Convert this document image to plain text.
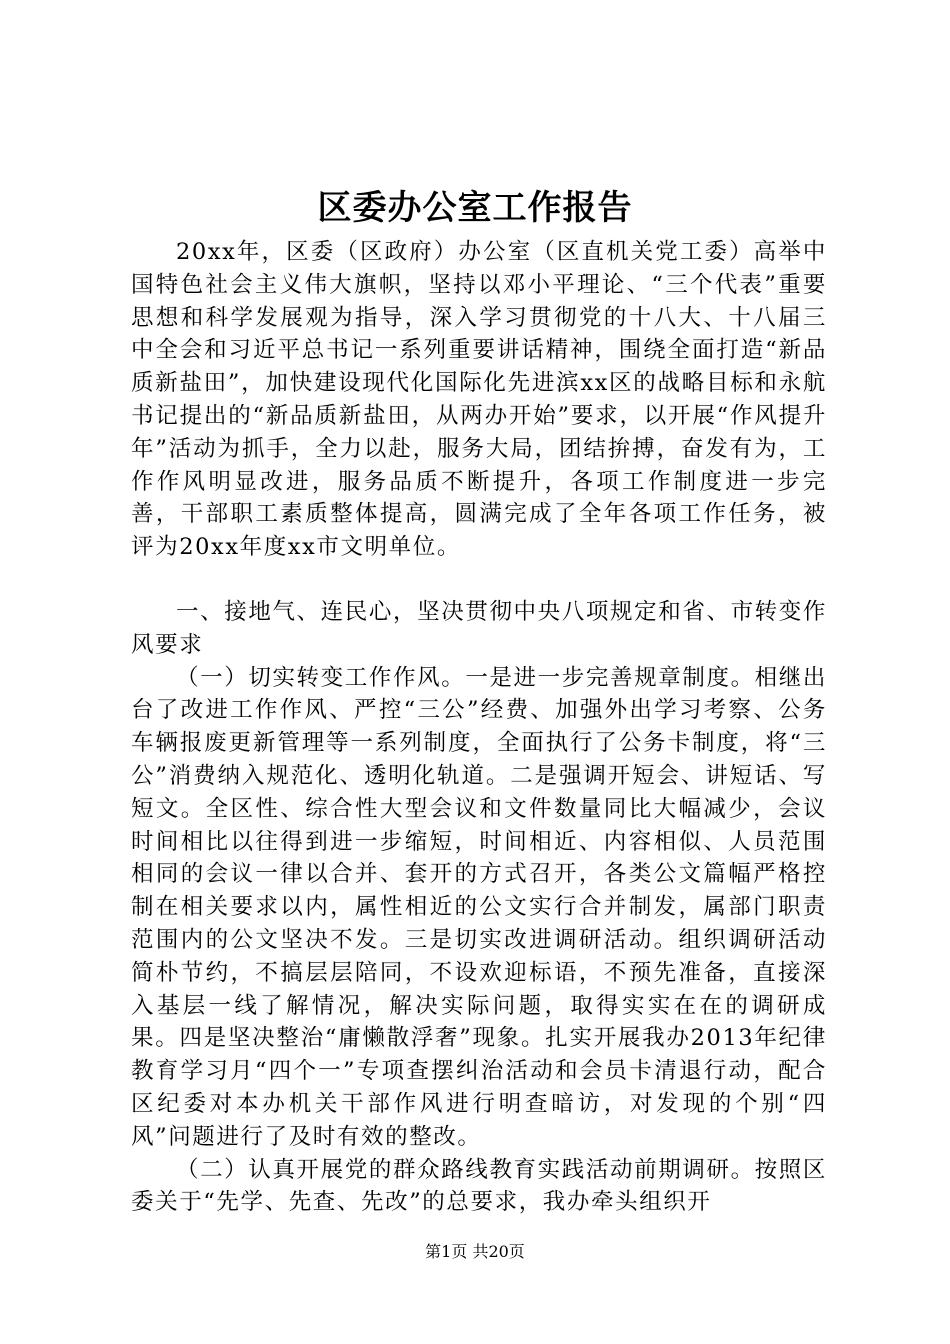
区委办公室工作报告

20xx年，区委（区政府）办公室（区直机关党工委）高举中国特色社会主义伟大旗帜，坚持以邓小平理论、“三个代表”重要思想和科学发展观为指导，深入学习贯彻党的十八大、十八届三中全会和习近平总书记一系列重要讲话精神，围绕全面打造“新品质新盐田”，加快建设现代化国际化先进滨xx区的战略目标和永航书记提出的“新品质新盐田，从两办开始”要求，以开展“作风提升年”活动为抓手，全力以赴，服务大局，团结拚搏，奋发有为，工作作风明显改进，服务品质不断提升，各项工作制度进一步完善，干部职工素质整体提高，圆满完成了全年各项工作任务，被评为20xx年度xx市文明单位。

一、接地气、连民心，坚决贯彻中央八项规定和省、市转变作风要求

（一）切实转变工作作风。一是进一步完善规章制度。相继出台了改进工作作风、严控“三公”经费、加强外出学习考察、公务车辆报废更新管理等一系列制度，全面执行了公务卡制度，将“三公”消费纳入规范化、透明化轨道。二是强调开短会、讲短话、写短文。全区性、综合性大型会议和文件数量同比大幅减少，会议时间相比以往得到进一步缩短，时间相近、内容相似、人员范围相同的会议一律以合并、套开的方式召开，各类公文篇幅严格控制在相关要求以内，属性相近的公文实行合并制发，属部门职责范围内的公文坚决不发。三是切实改进调研活动。组织调研活动简朴节约，不搞层层陪同，不设欢迎标语，不预先准备，直接深入基层一线了解情况，解决实际问题，取得实实在在的调研成果。四是坚决整治“庸懒散浮奢”现象。扎实开展我办2013年纪律教育学习月“四个一”专项查摆纠治活动和会员卡清退行动，配合区纪委对本办机关干部作风进行明查暗访，对发现的个别“四风”问题进行了及时有效的整改。

（二）认真开展党的群众路线教育实践活动前期调研。按照区委关于“先学、先查、先改”的总要求，我办牵头组织开

第1页 共20页
